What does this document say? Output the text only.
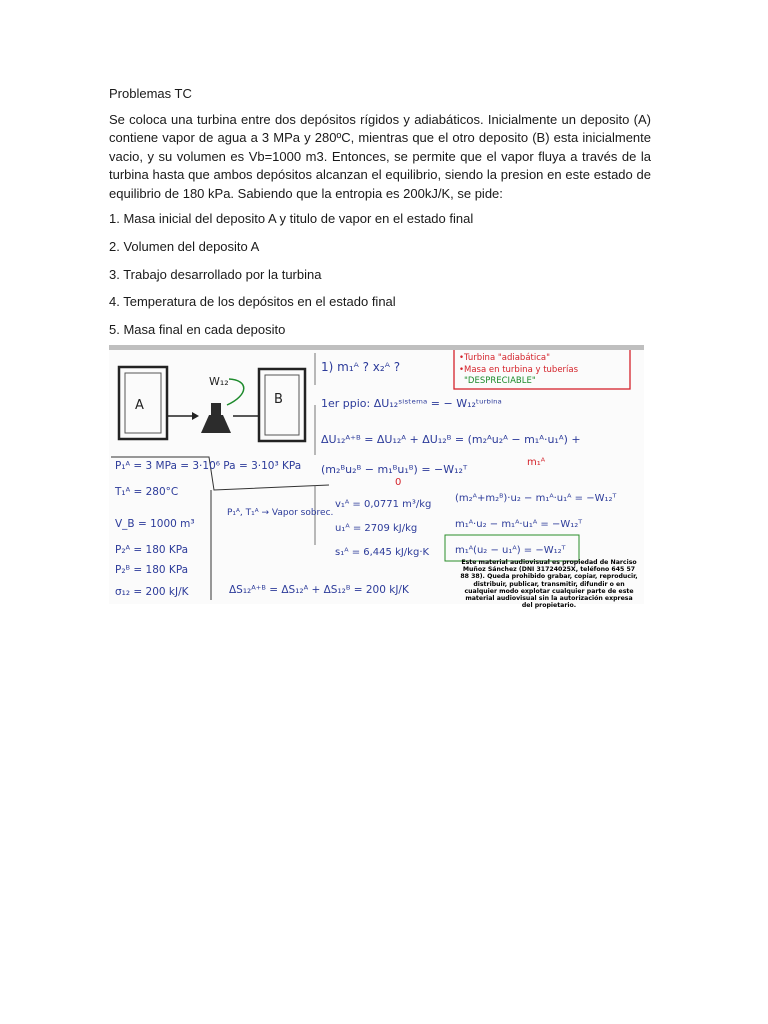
Problemas TC
Se coloca una turbina entre dos depósitos rígidos y adiabáticos. Inicialmente un deposito (A) contiene vapor de agua a 3 MPa y 280ºC, mientras que el otro deposito (B) esta inicialmente vacio, y su volumen es Vb=1000 m3. Entonces, se permite que el vapor fluya a través de la turbina hasta que ambos depósitos alcanzan el equilibrio, siendo la presion en este estado de equilibrio de 180 kPa. Sabiendo que la entropia es 200kJ/K, se pide:
1. Masa inicial del deposito A y titulo de vapor en el estado final
2. Volumen del deposito A
3. Trabajo desarrollado por la turbina
4. Temperatura de los depósitos en el estado final
5. Masa final en cada deposito
A	B
W₁₂
P₁ᴬ = 3 MPa = 3·10⁶ Pa = 3·10³ KPa
T₁ᴬ = 280°C
V_B = 1000 m³
P₂ᴬ = 180 KPa
P₂ᴮ = 180 KPa
σ₁₂ = 200 kJ/K
P₁ᴬ, T₁ᴬ → Vapor sobrec.
v₁ᴬ = 0,0771 m³/kg
u₁ᴬ = 2709 kJ/kg
s₁ᴬ = 6,445 kJ/kg·K
ΔS₁₂ᴬ⁺ᴮ = ΔS₁₂ᴬ + ΔS₁₂ᴮ = 200 kJ/K
1) m₁ᴬ ? x₂ᴬ ?
1er ppio: ΔU₁₂ˢⁱˢᵗᵉᵐᵃ = − W₁₂ᵗᵘʳᵇⁱⁿᵃ
ΔU₁₂ᴬ⁺ᴮ = ΔU₁₂ᴬ + ΔU₁₂ᴮ = (m₂ᴬu₂ᴬ − m₁ᴬ·u₁ᴬ) +
(m₂ᴮu₂ᴮ − m₁ᴮu₁ᴮ) = −W₁₂ᵀ
(m₂ᴬ+m₂ᴮ)·u₂ − m₁ᴬ·u₁ᴬ = −W₁₂ᵀ
m₁ᴬ·u₂ − m₁ᴬ·u₁ᴬ = −W₁₂ᵀ
m₁ᴬ(u₂ − u₁ᴬ) = −W₁₂ᵀ
m₁ᴬ
0
•Turbina "adiabática"
•Masa en turbina y tuberías
"DESPRECIABLE"
Este material audiovisual es propiedad de Narciso Muñoz Sánchez (DNI 31724025X, teléfono 645 57 88 38). Queda prohibido grabar, copiar, reproducir, distribuir, publicar, transmitir, difundir o en cualquier modo explotar cualquier parte de este material audiovisual sin la autorización expresa del propietario.
